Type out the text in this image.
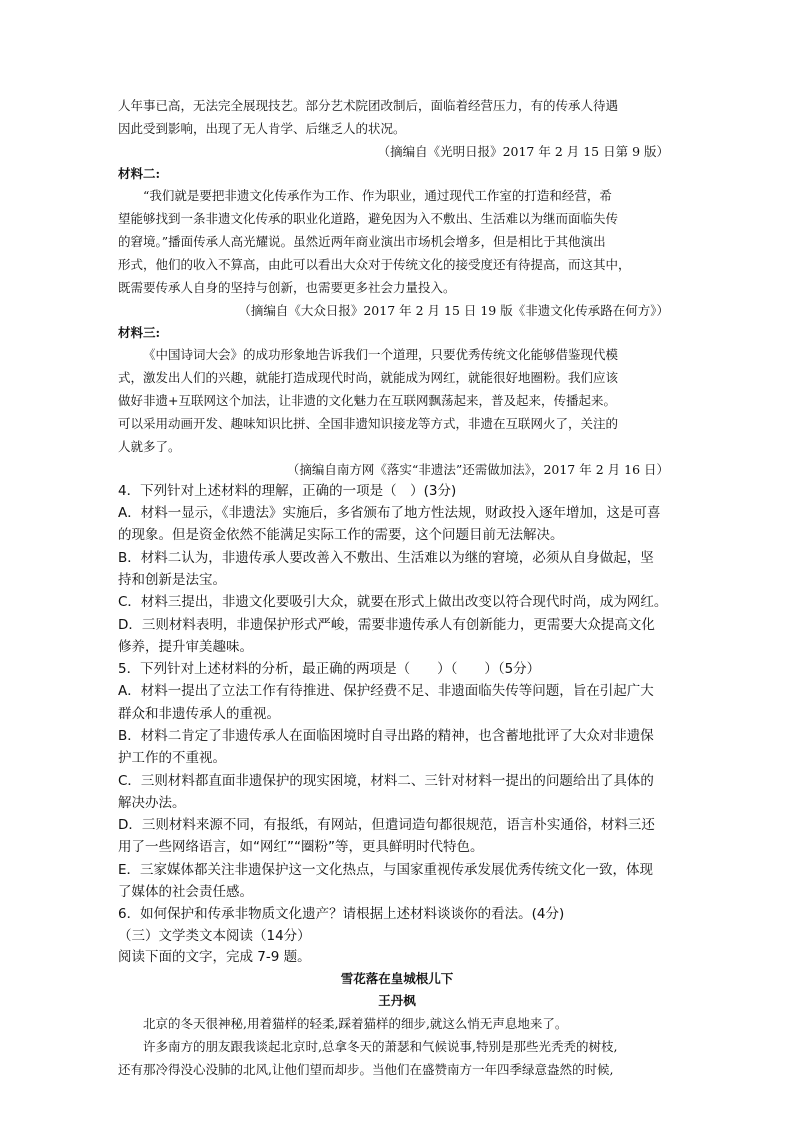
人年事已高，无法完全展现技艺。部分艺术院团改制后，面临着经营压力，有的传承人待遇
因此受到影响，出现了无人肯学、后继乏人的状况。
（摘编自《光明日报》2017 年 2 月 15 日第 9 版）
材料二:
“我们就是要把非遗文化传承作为工作、作为职业，通过现代工作室的打造和经营，希
望能够找到一条非遗文化传承的职业化道路，避免因为入不敷出、生活难以为继而面临失传
的窘境。”播面传承人高光耀说。虽然近两年商业演出市场机会增多，但是相比于其他演出
形式，他们的收入不算高，由此可以看出大众对于传统文化的接受度还有待提高，而这其中，
既需要传承人自身的坚持与创新，也需要更多社会力量投入。
（摘编自《大众日报》2017 年 2 月 15 日 19 版《非遗文化传承路在何方》）
材料三:
《中国诗词大会》的成功形象地告诉我们一个道理，只要优秀传统文化能够借鉴现代模
式，激发出人们的兴趣，就能打造成现代时尚，就能成为网红，就能很好地圈粉。我们应该
做好非遗+互联网这个加法，让非遗的文化魅力在互联网飘荡起来，普及起来，传播起来。
可以采用动画开发、趣味知识比拼、全国非遗知识接龙等方式，非遗在互联网火了，关注的
人就多了。
（摘编自南方网《落实“非遗法”还需做加法》，2017 年 2 月 16 日）
4．下列针对上述材料的理解，正确的一项是（　）(3分)
A．材料一显示，《非遗法》实施后，多省颁布了地方性法规，财政投入逐年增加，这是可喜
的现象。但是资金依然不能满足实际工作的需要，这个问题目前无法解决。
B．材料二认为，非遗传承人要改善入不敷出、生活难以为继的窘境，必须从自身做起，坚
持和创新是法宝。
C．材料三提出，非遗文化要吸引大众，就要在形式上做出改变以符合现代时尚，成为网红。
D．三则材料表明，非遗保护形式严峻，需要非遗传承人有创新能力，更需要大众提高文化
修养，提升审美趣味。
5．下列针对上述材料的分析，最正确的两项是（　　）（　　）（5分）
A．材料一提出了立法工作有待推进、保护经费不足、非遗面临失传等问题，旨在引起广大
群众和非遗传承人的重视。
B．材料二肯定了非遗传承人在面临困境时自寻出路的精神，也含蓄地批评了大众对非遗保
护工作的不重视。
C．三则材料都直面非遗保护的现实困境，材料二、三针对材料一提出的问题给出了具体的
解决办法。
D．三则材料来源不同，有报纸，有网站，但遣词造句都很规范，语言朴实通俗，材料三还
用了一些网络语言，如“网红”“圈粉”等，更具鲜明时代特色。
E．三家媒体都关注非遗保护这一文化热点，与国家重视传承发展优秀传统文化一致，体现
了媒体的社会责任感。
6．如何保护和传承非物质文化遗产？请根据上述材料谈谈你的看法。(4分)
（三）文学类文本阅读（14分）
阅读下面的文字，完成 7-9 题。
雪花落在皇城根儿下
王丹枫
北京的冬天很神秘,用着猫样的轻柔,踩着猫样的细步,就这么悄无声息地来了。
许多南方的朋友跟我谈起北京时,总拿冬天的萧瑟和气候说事,特别是那些光秃秃的树枝,
还有那冷得没心没肺的北风,让他们望而却步。当他们在盛赞南方一年四季绿意盎然的时候,
